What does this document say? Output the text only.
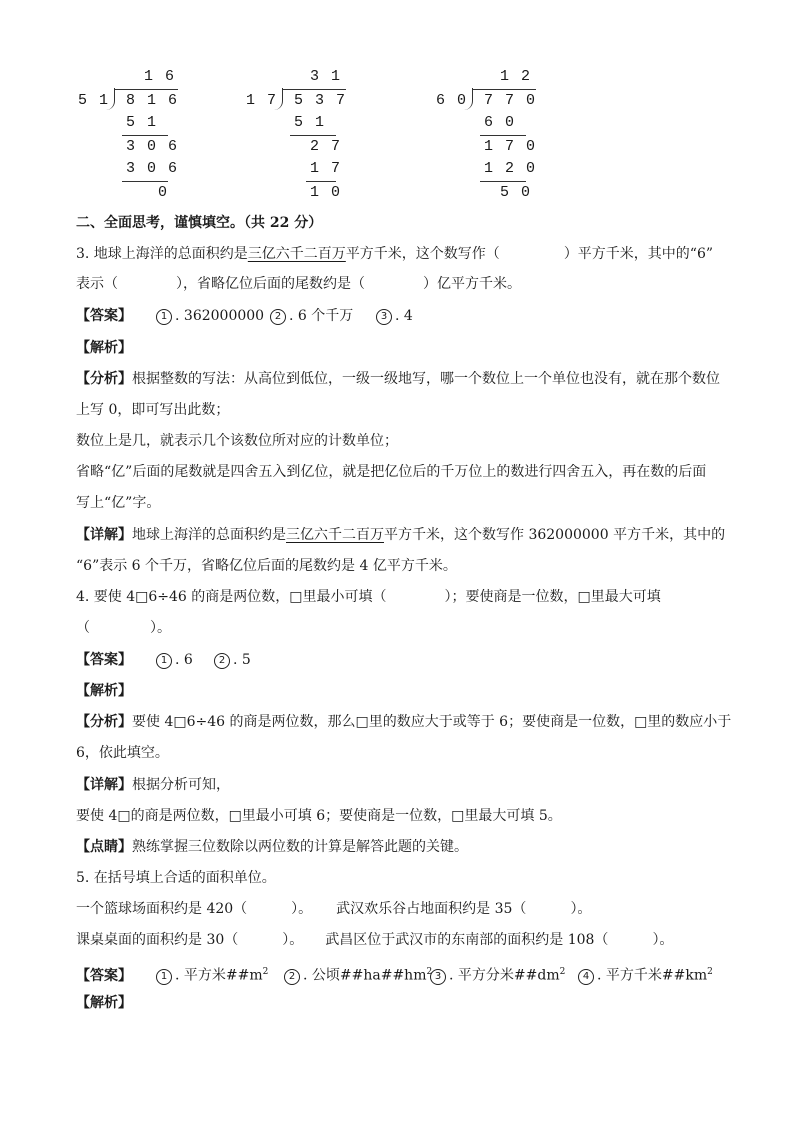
1 6
5 1 8 1 6
5 1
3 0 6
3 0 6
0
3 1
1 7 5 3 7
5 1
2 7
1 7
1 0
1 2
6 0 7 7 0
6 0
1 7 0
1 2 0
5 0
二、全面思考，谨慎填空。（共 22 分）
3. 地球上海洋的总面积约是三亿六千二百万平方千米，这个数写作（	）平方千米，其中的“6”
表示（	），省略亿位后面的尾数约是（	）亿平方千米。
【答案】	1 . 362000000 2 . 6 个千万	3 . 4
【解析】
【分析】根据整数的写法：从高位到低位，一级一级地写，哪一个数位上一个单位也没有，就在那个数位
上写 0，即可写出此数；
数位上是几，就表示几个该数位所对应的计数单位；
省略“亿”后面的尾数就是四舍五入到亿位，就是把亿位后的千万位上的数进行四舍五入，再在数的后面
写上“亿”字。
【详解】地球上海洋的总面积约是三亿六千二百万平方千米，这个数写作 362000000 平方千米，其中的
“6”表示 6 个千万，省略亿位后面的尾数约是 4 亿平方千米。
4. 要使 4□6÷46 的商是两位数，□里最小可填（	）；要使商是一位数，□里最大可填
（	）。
【答案】	1 . 6	2 . 5
【解析】
【分析】要使 4□6÷46 的商是两位数，那么□里的数应大于或等于 6；要使商是一位数，□里的数应小于
6，依此填空。
【详解】根据分析可知，
要使 4□的商是两位数，□里最小可填 6；要使商是一位数，□里最大可填 5。
【点睛】熟练掌握三位数除以两位数的计算是解答此题的关键。
5. 在括号填上合适的面积单位。
一个篮球场面积约是 420（	）。 武汉欢乐谷占地面积约是 35（	）。
课桌桌面的面积约是 30（	）。 武昌区位于武汉市的东南部的面积约是 108（	）。
【答案】	1 . 平方米$\#\#m^2$ 2 . 公顷$\#\#ha\#\#hm^2$ 3 . 平方分米$\#\#dm^2$ 4 . 平方千米$\#\#km^2$
【解析】
